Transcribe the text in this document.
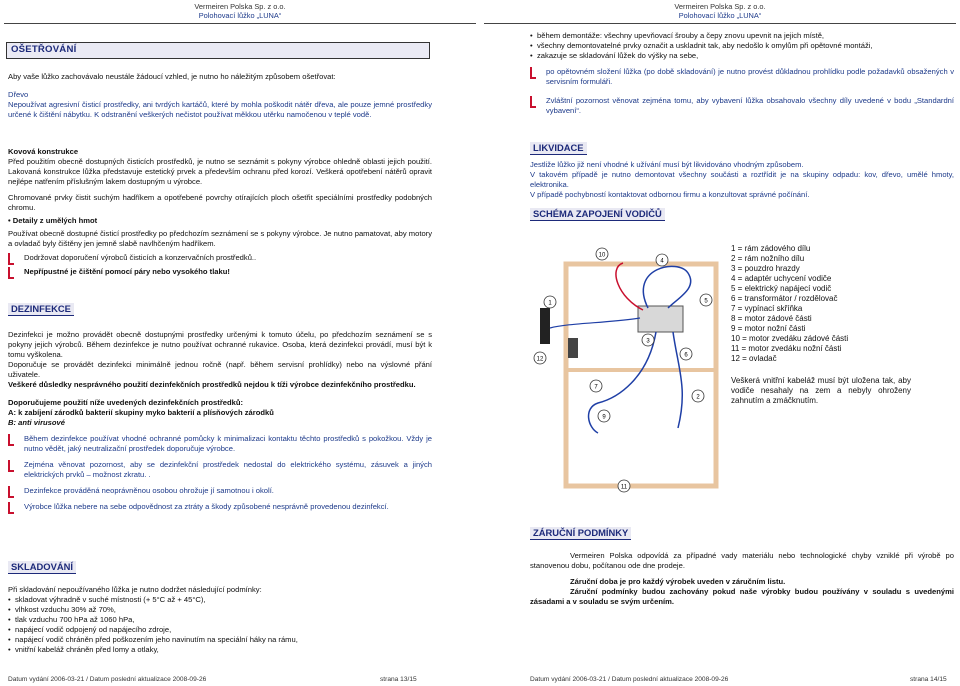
Vermeiren Polska Sp. z o.o.
Polohovací lůžko „LUNA“
OŠETŘOVÁNÍ

Aby vaše lůžko zachovávalo neustále žádoucí vzhled, je nutno ho náležitým způsobem ošetřovat:

Dřevo

Nepoužívat agresivní čisticí prostředky, ani tvrdých kartáčů, které by mohla poškodit nátěr dřeva, ale pouze jemné prostředky určené k čištění nábytku. K odstranění veškerých nečistot používat měkkou utěrku namočenou v teplé vodě.

Kovová konstrukce

Před použitím obecně dostupných čisticích prostředků, je nutno se seznámit s pokyny výrobce ohledně oblasti jejich použití. Lakovaná konstrukce lůžka představuje estetický prvek a především ochranu před korozí. Veškerá opotřebení nátěrů opravit nejlépe natřením příslušným lakem dostupným u výrobce.

Chromované prvky čistit suchým hadříkem a opotřebené povrchy otírajících ploch ošetřit speciálními prostředky podobných chromu.

• Detaily z umělých hmot

Používat obecně dostupné čisticí prostředky po předchozím seznámení se s pokyny výrobce. Je nutno pamatovat, aby motory a ovladač byly čištěny jen jemně slabě navlhčeným hadříkem.

Dodržovat doporučení výrobců čisticích a konzervačních prostředků..
Nepřípustné je čištění pomocí páry nebo vysokého tlaku!
DEZINFEKCE

Dezinfekci je možno provádět obecně dostupnými prostředky určenými k tomuto účelu, po předchozím seznámení se s pokyny jejich výrobců. Během dezinfekce je nutno používat ochranné rukavice. Osoba, která dezinfekci provádí, musí být k tomu vyškolena.

Doporučuje se provádět dezinfekci minimálně jednou ročně (např. během servisní prohlídky) nebo na výslovné přání uživatele.

Veškeré důsledky nesprávného použití dezinfekčních prostředků nejdou k tíži výrobce dezinfekčního prostředku.

Doporučujeme použití níže uvedených dezinfekčních prostředků:
A: k zabíjení zárodků bakterií skupiny myko bakterií a plísňových zárodků
B: anti virusové

Během dezinfekce používat vhodné ochranné pomůcky k minimalizaci kontaktu těchto prostředků s pokožkou. Vždy je nutno vědět, jaký neutralizační prostředek doporučuje výrobce.

Zejména věnovat pozornost, aby se dezinfekční prostředek nedostal do elektrického systému, zásuvek a jiných elektrických prvků – možnost zkratu. .

Dezinfekce prováděná neoprávněnou osobou ohrožuje jí samotnou i okolí.

Výrobce lůžka nebere na sebe odpovědnost za ztráty a škody způsobené nesprávně provedenou dezinfekcí.

SKLADOVÁNÍ
Při skladování nepoužívaného lůžka je nutno dodržet následující podmínky:
• skladovat výhradně v suché místnosti (+ 5°C až + 45°C),
• vlhkost vzduchu 30% až 70%,
• tlak vzduchu 700 hPa až 1060 hPa,
• napájecí vodič odpojený od napájecího zdroje,
• napájecí vodič chráněn před poškozením jeho navinutím na speciální háky na rámu,
• vnitřní kabeláž chráněn před lomy a otlaky,
Datum vydání 2006-03-21 / Datum poslední aktualizace 2008-09-26	strana 13/15
Vermeiren Polska Sp. z o.o.
Polohovací lůžko „LUNA“
• během demontáže: všechny upevňovací šrouby a čepy znovu upevnit na jejich místě,
• všechny demontovatelné prvky označit a uskladnit tak, aby nedošlo k omylům při opětovné montáži,
• zakazuje se skladování lůžek do výšky na sebe,

po opětovném složení lůžka (po době skladování) je nutno provést důkladnou prohlídku podle požadavků obsažených v servisním formuláři.

Zvláštní pozornost věnovat zejména tomu, aby vybavení lůžka obsahovalo všechny díly uvedené v bodu „Standardní vybavení“.

LIKVIDACE

Jestliže lůžko již není vhodné k užívání musí být likvidováno vhodným způsobem.

V takovém případě je nutno demontovat všechny součásti a roztřídit je na skupiny odpadu: kov, dřevo, umělé hmoty, elektronika.

V případě pochybností kontaktovat odbornou firmu a konzultovat správné počínání.

SCHÉMA ZAPOJENÍ VODIČŮ
10
4
3
5
6
1
12
7
2
9
11
1 = rám zádového dílu
2 = rám nožního dílu
3 = pouzdro hrazdy
4 = adaptér uchycení vodiče
5 = elektrický napájecí vodič
6 = transformátor / rozdělovač
7 = vypínací skříňka
8 = motor zádové části
9 = motor nožní části
10 = motor zvedáku zádové části
11 = motor zvedáku nožní části
12 = ovladač

Veškerá vnitřní kabeláž musí být uložena tak, aby vodiče nesahaly na zem a nebyly ohroženy zahnutím a zmáčknutím.

ZÁRUČNÍ PODMÍNKY

Vermeiren Polska odpovídá za případné vady materiálu nebo technologické chyby vzniklé při výrobě po stanovenou dobu, počítanou ode dne prodeje.

Záruční doba je pro každý výrobek uveden v záručním listu.

Záruční podmínky budou zachovány pokud naše výrobky budou používány v souladu s uvedenými zásadami a v souladu se svým určením.

Datum vydání 2006-03-21 / Datum poslední aktualizace 2008-09-26	strana 14/15
